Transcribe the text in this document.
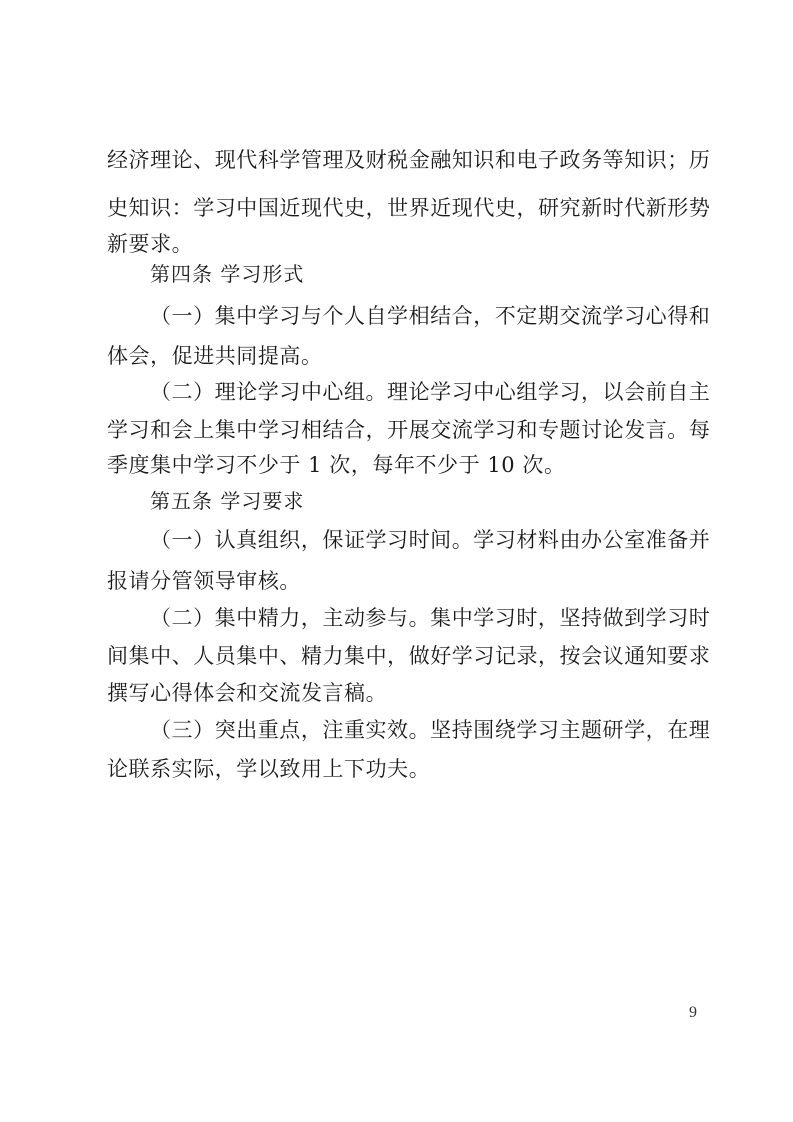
经济理论、现代科学管理及财税金融知识和电子政务等知识；历
史知识：学习中国近现代史，世界近现代史，研究新时代新形势
新要求。
第四条 学习形式
（一）集中学习与个人自学相结合，不定期交流学习心得和
体会，促进共同提高。
（二）理论学习中心组。理论学习中心组学习，以会前自主
学习和会上集中学习相结合，开展交流学习和专题讨论发言。每
季度集中学习不少于 1 次，每年不少于 10 次。
第五条 学习要求
（一）认真组织，保证学习时间。学习材料由办公室准备并
报请分管领导审核。
（二）集中精力，主动参与。集中学习时，坚持做到学习时
间集中、人员集中、精力集中，做好学习记录，按会议通知要求
撰写心得体会和交流发言稿。
（三）突出重点，注重实效。坚持围绕学习主题研学，在理
论联系实际，学以致用上下功夫。
9
